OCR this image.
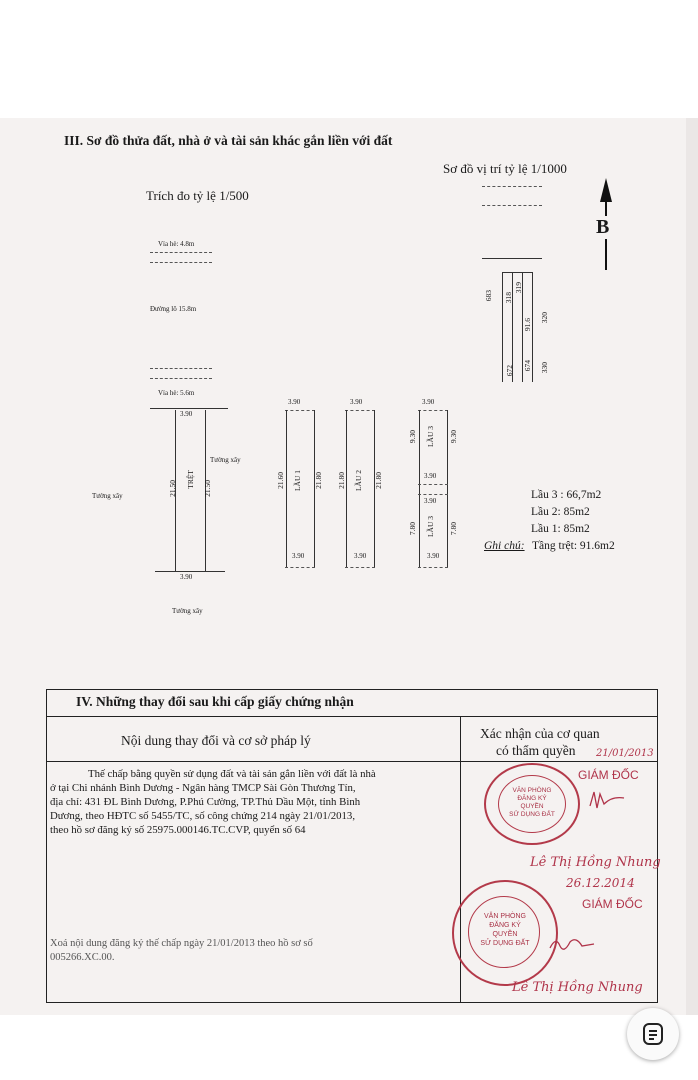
III. Sơ đồ thửa đất, nhà ở và tài sản khác gắn liền với đất
Sơ đồ vị trí tỷ lệ 1/1000
Trích đo tỷ lệ 1/500
B
683 318
319
91.6
320
674
672	330
Vỉa hè: 4.8m
Đường lô 15.8m
Vỉa hè: 5.6m
3.90
3.90
21.50 TRỆT 21.50
Tường xây
Tường xây
Tường xây
3.90
3.90
21.60 LẦU 1 21.80
3.90
3.90
21.80 LẦU 2 21.80
3.90
3.90
3.90
3.90
9.30 LẦU 3 9.30
7.80 LẦU 3 7.80
Lầu 3 : 66,7m2
Lầu 2: 85m2
Lầu 1: 85m2
Ghi chú: Tầng trệt: 91.6m2
IV. Những thay đổi sau khi cấp giấy chứng nhận
Nội dung thay đổi và cơ sở pháp lý	Xác nhận của cơ quan
có thẩm quyền
Thế chấp bằng quyền sử dụng đất và tài sản gắn liền với đất là nhà
ở tại Chi nhánh Bình Dương - Ngân hàng TMCP Sài Gòn Thương Tín,
địa chỉ: 431 ĐL Bình Dương, P.Phú Cường, TP.Thủ Dầu Một, tỉnh Bình
Dương, theo HĐTC số 5455/TC, số công chứng 214 ngày 21/01/2013,
theo hồ sơ đăng ký số 25975.000146.TC.CVP, quyển số 64
Xoá nội dung đăng ký thế chấp ngày 21/01/2013 theo hồ sơ số
005266.XC.00.
VĂN PHÒNG
ĐĂNG KÝ
QUYỀN
SỬ DỤNG ĐẤT
21/01/2013
GIÁM ĐỐC
Lê Thị Hồng Nhung
26.12.2014
GIÁM ĐỐC
VĂN PHÒNG
ĐĂNG KÝ
QUYỀN
SỬ DỤNG ĐẤT
Lê Thị Hồng Nhung
